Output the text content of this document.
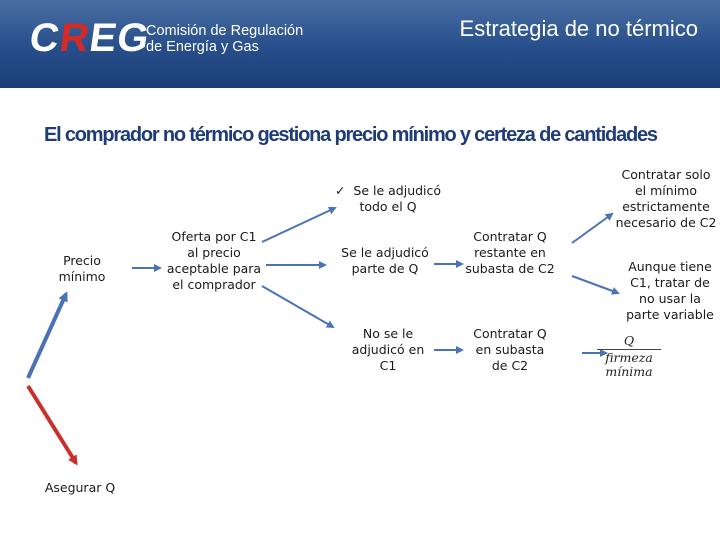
CREG
Comisión de Regulación
de Energía y Gas
Estrategia de no térmico
El comprador no térmico gestiona precio mínimo y certeza de cantidades
Precio mínimo
Asegurar Q
Oferta por C1 al precio aceptable para el comprador
✓ Se le adjudicó todo el Q
Se le adjudicó parte de Q
No se le adjudicó en C1
Contratar Q restante en subasta de C2
Contratar Q en subasta de C2
Contratar solo el mínimo estrictamente necesario de C2
Aunque tiene C1, tratar de no usar la parte variable
Q
firmeza
mínima
